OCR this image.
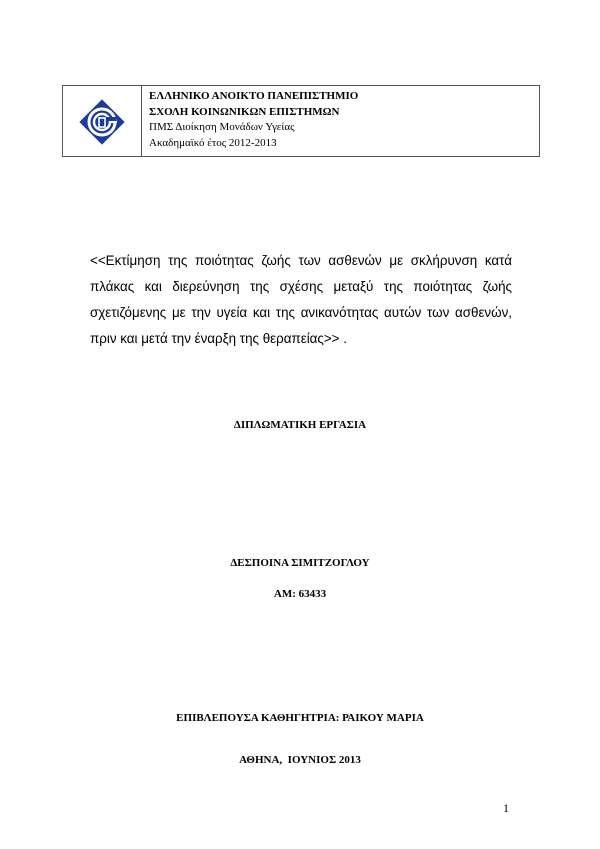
ΕΛΛΗΝΙΚΟ ΑΝΟΙΚΤΟ ΠΑΝΕΠΙΣΤΗΜΙΟ
ΣΧΟΛΗ ΚΟΙΝΩΝΙΚΩΝ ΕΠΙΣΤΗΜΩΝ
ΠΜΣ Διοίκηση Μονάδων Υγείας
Ακαδημαϊκό έτος 2012-2013
<<Εκτίμηση της ποιότητας ζωής των ασθενών με σκλήρυνση κατά πλάκας και διερεύνηση της σχέσης μεταξύ της ποιότητας ζωής σχετιζόμενης με την υγεία και της ανικανότητας αυτών των ασθενών, πριν και μετά την έναρξη της θεραπείας>> .
ΔΙΠΛΩΜΑΤΙΚΗ ΕΡΓΑΣΙΑ
ΔΕΣΠΟΙΝΑ ΣΙΜΙΤΖΟΓΛΟΥ
ΑΜ: 63433
ΕΠΙΒΛΕΠΟΥΣΑ ΚΑΘΗΓΗΤΡΙΑ: ΡΑΙΚΟΥ ΜΑΡΙΑ
ΑΘΗΝΑ,  ΙΟΥΝΙΟΣ 2013
1
